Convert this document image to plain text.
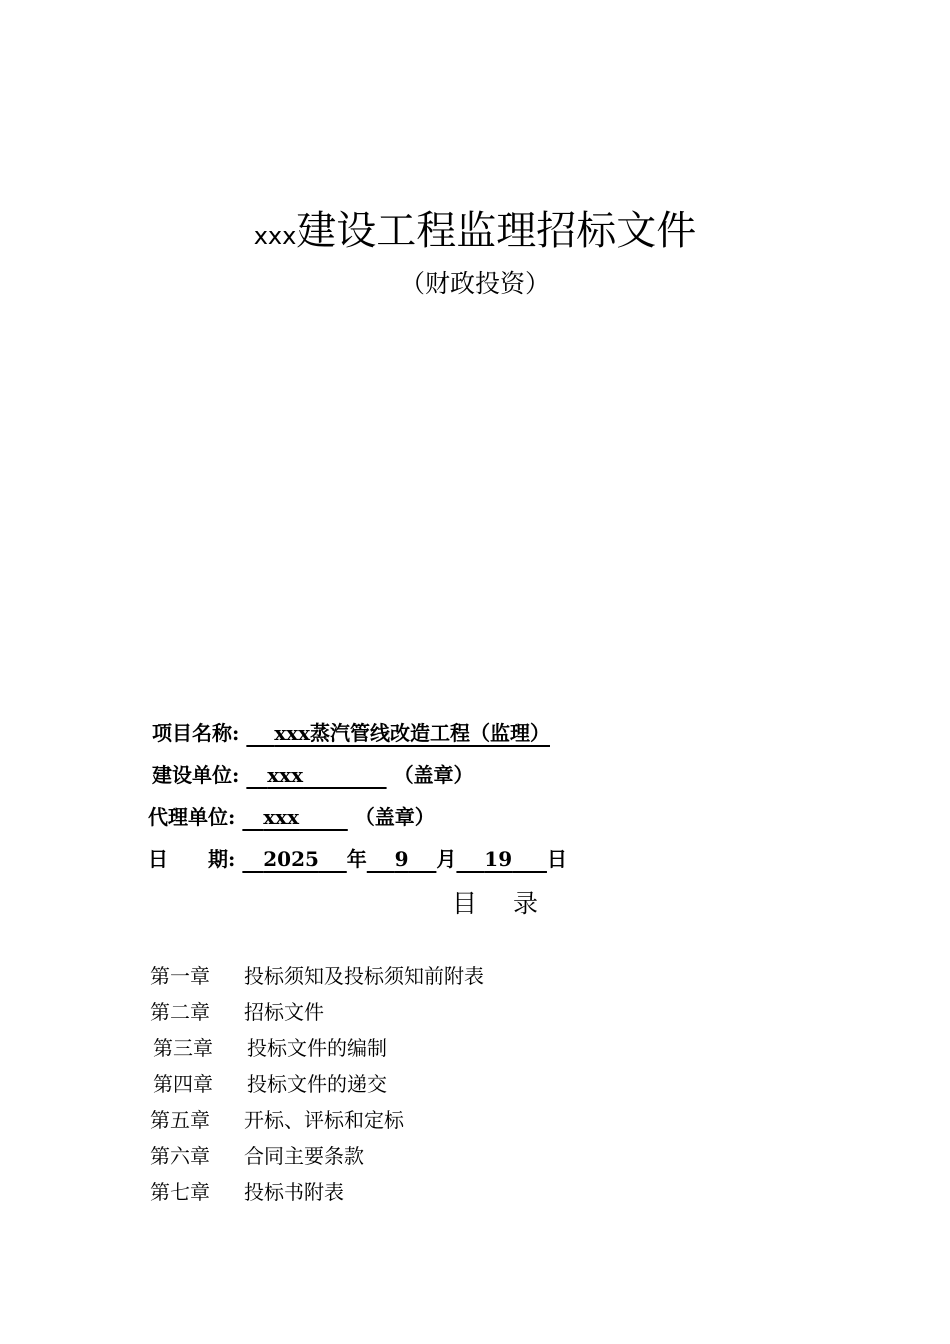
xxx建设工程监理招标文件
（财政投资）
项目名称: xxx蒸汽管线改造工程（监理）
建设单位: xxx	（盖章）
代理单位: xxx	（盖章）
日　　期: 2025 年 9 月 19 日
目录
第一章 投标须知及投标须知前附表
第二章 招标文件
第三章 投标文件的编制
第四章 投标文件的递交
第五章 开标、评标和定标
第六章 合同主要条款
第七章 投标书附表
